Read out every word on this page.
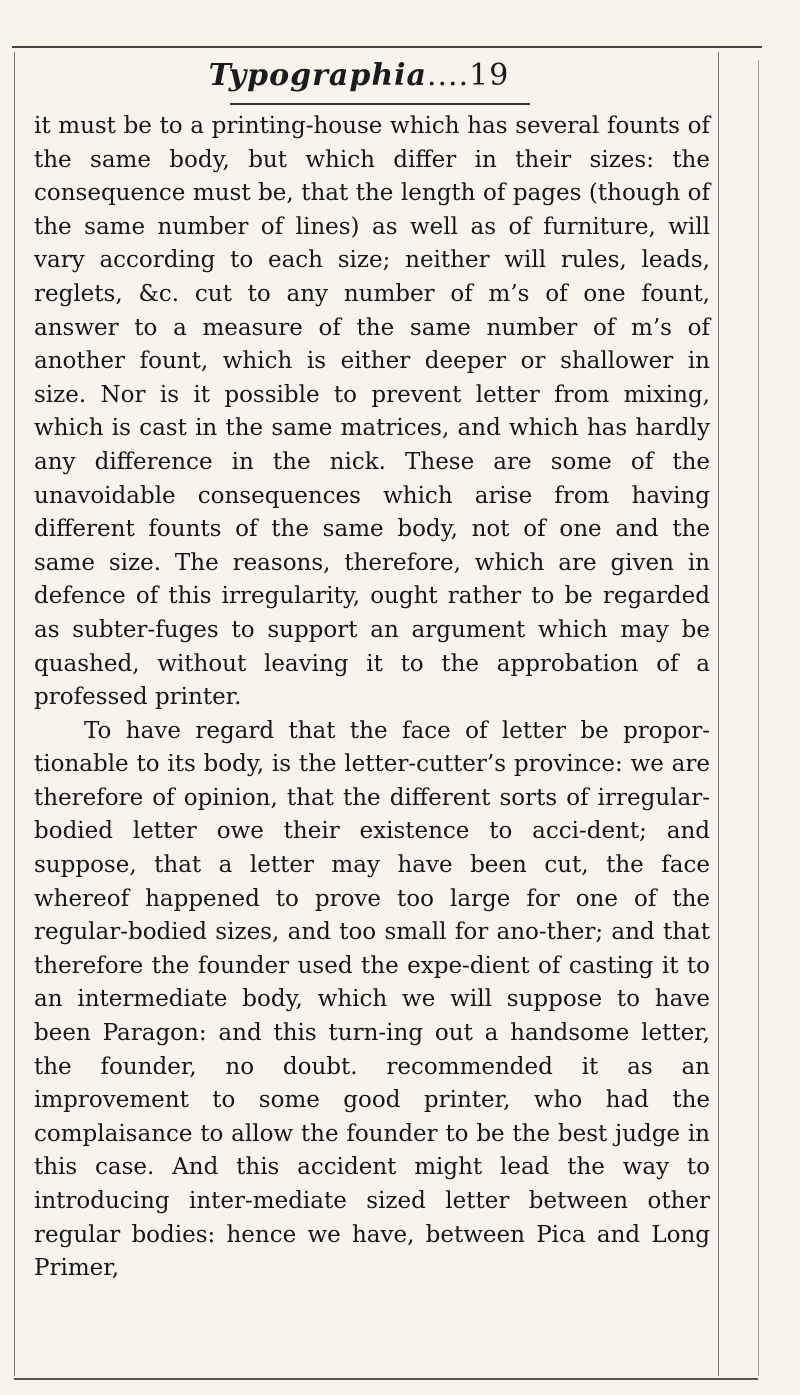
Typographia....19

it must be to a printing-house which has several founts of the same body, but which differ in their sizes: the consequence must be, that the length of pages (though of the same number of lines) as well as of furniture, will vary according to each size; neither will rules, leads, reglets, &c. cut to any number of m’s of one fount, answer to a measure of the same number of m’s of another fount, which is either deeper or shallower in size. Nor is it possible to prevent letter from mixing, which is cast in the same matrices, and which has hardly any difference in the nick. These are some of the unavoidable consequences which arise from having different founts of the same body, not of one and the same size. The reasons, therefore, which are given in defence of this irregularity, ought rather to be regarded as subter-fuges to support an argument which may be quashed, without leaving it to the approbation of a professed printer.

To have regard that the face of letter be propor-tionable to its body, is the letter-cutter’s province: we are therefore of opinion, that the different sorts of irregular-bodied letter owe their existence to acci-dent; and suppose, that a letter may have been cut, the face whereof happened to prove too large for one of the regular-bodied sizes, and too small for ano-ther; and that therefore the founder used the expe-dient of casting it to an intermediate body, which we will suppose to have been Paragon: and this turn-ing out a handsome letter, the founder, no doubt. recommended it as an improvement to some good printer, who had the complaisance to allow the founder to be the best judge in this case. And this accident might lead the way to introducing inter-mediate sized letter between other regular bodies: hence we have, between Pica and Long Primer,
